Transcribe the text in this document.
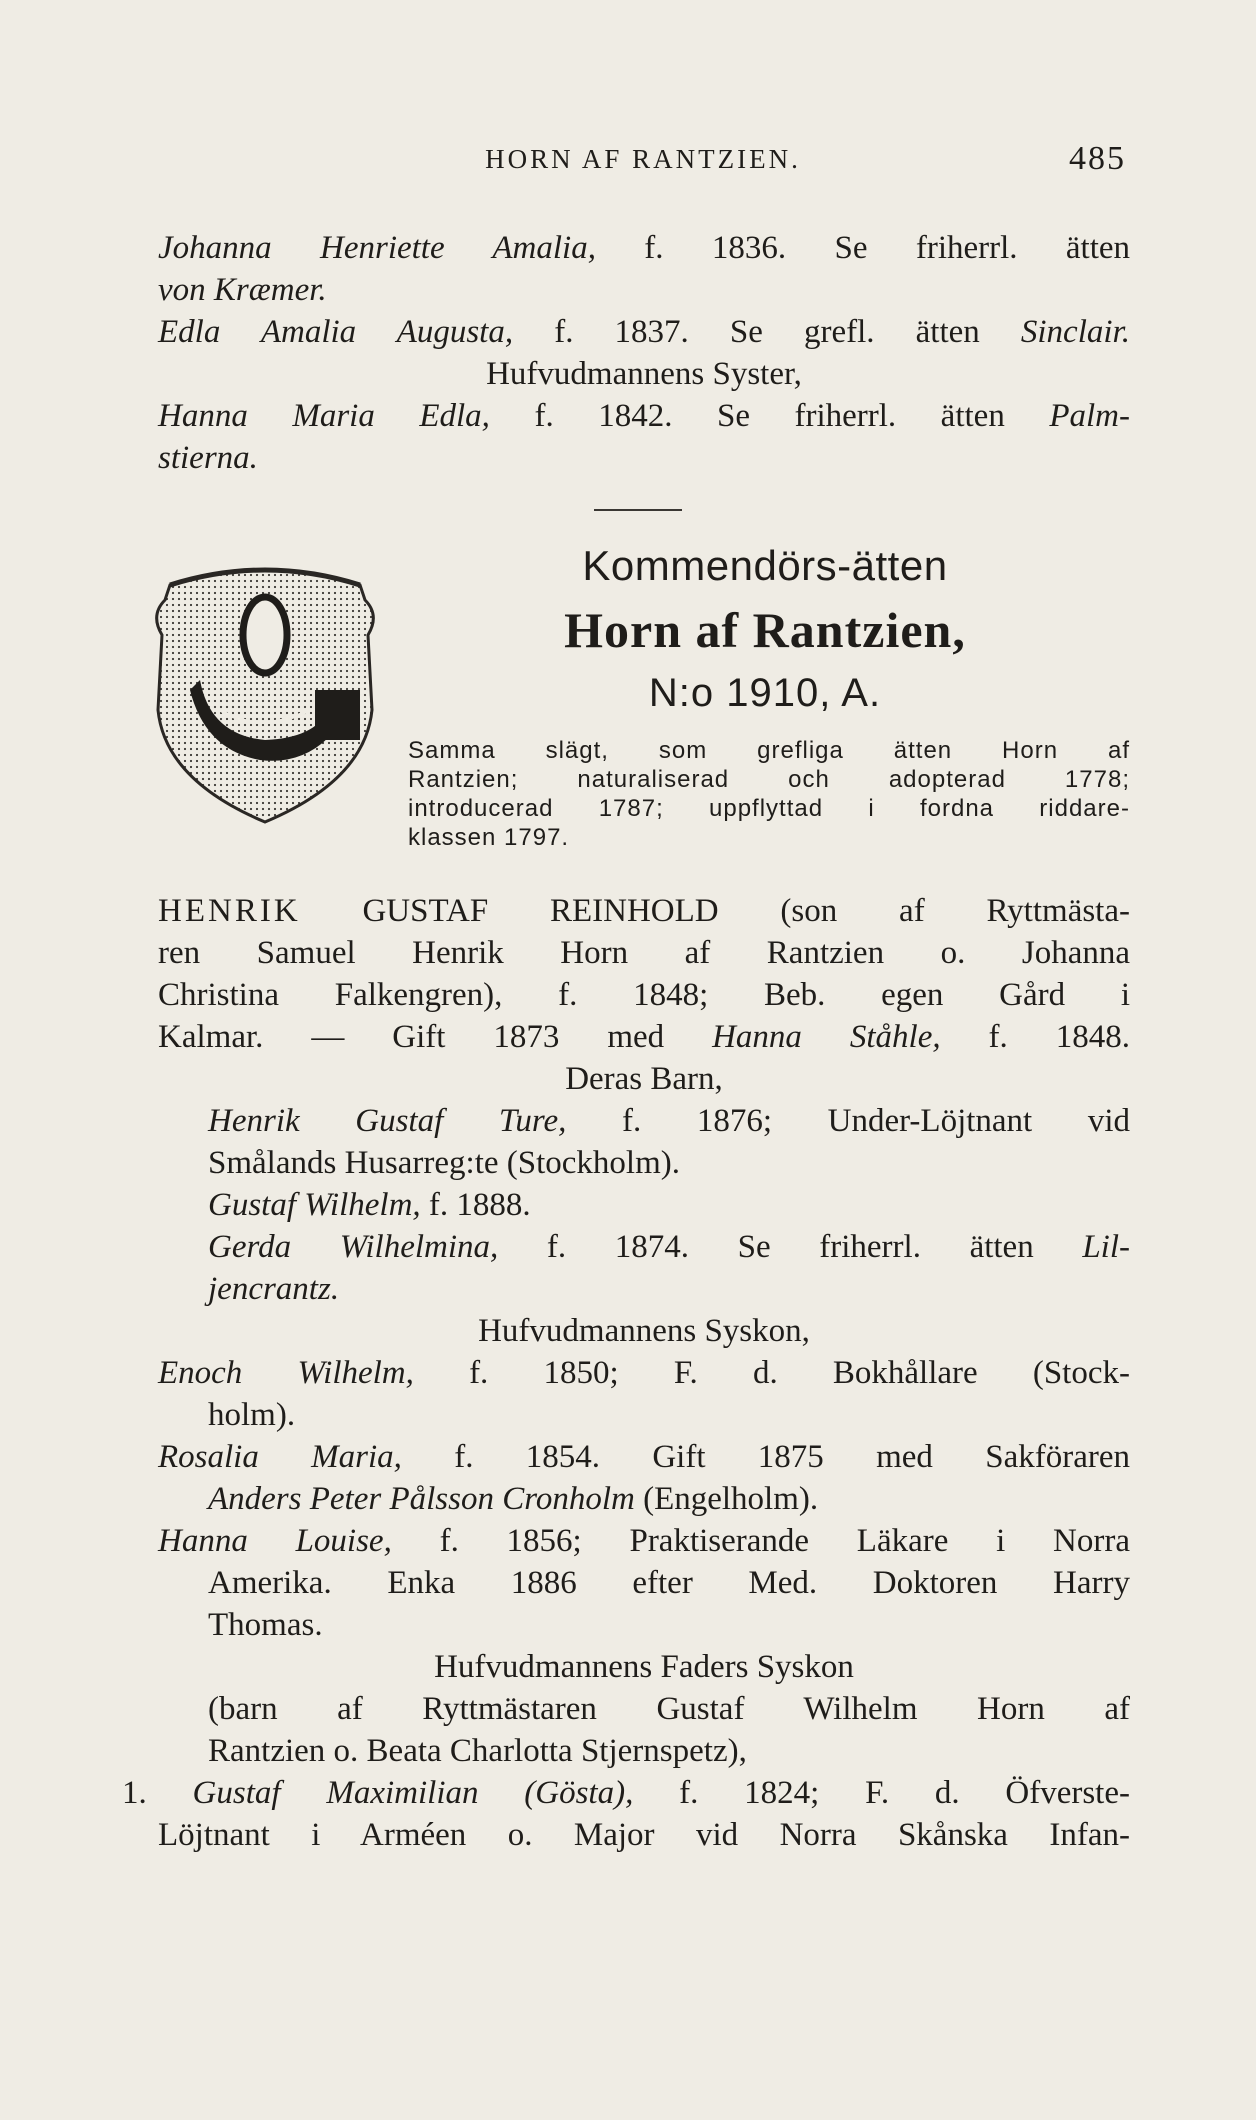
HORN AF RANTZIEN.	485
Johanna Henriette Amalia, f. 1836. Se friherrl. ätten
von Kræmer.
Edla Amalia Augusta, f. 1837. Se grefl. ätten Sinclair.
Hufvudmannens Syster,
Hanna Maria Edla, f. 1842. Se friherrl. ätten Palm-
stierna.
Kommendörs-ätten
Horn af Rantzien,
N:o 1910, A.
Samma slägt, som grefliga ätten Horn af
Rantzien; naturaliserad och adopterad 1778;
introducerad 1787; uppflyttad i fordna riddare-
klassen 1797.
HENRIK GUSTAF REINHOLD (son af Ryttmästa-
ren Samuel Henrik Horn af Rantzien o. Johanna
Christina Falkengren), f. 1848; Beb. egen Gård i
Kalmar. — Gift 1873 med Hanna Ståhle, f. 1848.
Deras Barn,
Henrik Gustaf Ture, f. 1876; Under-Löjtnant vid
Smålands Husarreg:te (Stockholm).
Gustaf Wilhelm, f. 1888.
Gerda Wilhelmina, f. 1874. Se friherrl. ätten Lil-
jencrantz.
Hufvudmannens Syskon,
Enoch Wilhelm, f. 1850; F. d. Bokhållare (Stock-
holm).
Rosalia Maria, f. 1854. Gift 1875 med Sakföraren
Anders Peter Pålsson Cronholm (Engelholm).
Hanna Louise, f. 1856; Praktiserande Läkare i Norra
Amerika. Enka 1886 efter Med. Doktoren Harry
Thomas.
Hufvudmannens Faders Syskon
(barn af Ryttmästaren Gustaf Wilhelm Horn af
Rantzien o. Beata Charlotta Stjernspetz),
1. Gustaf Maximilian (Gösta), f. 1824; F. d. Öfverste-
Löjtnant i Arméen o. Major vid Norra Skånska Infan-
